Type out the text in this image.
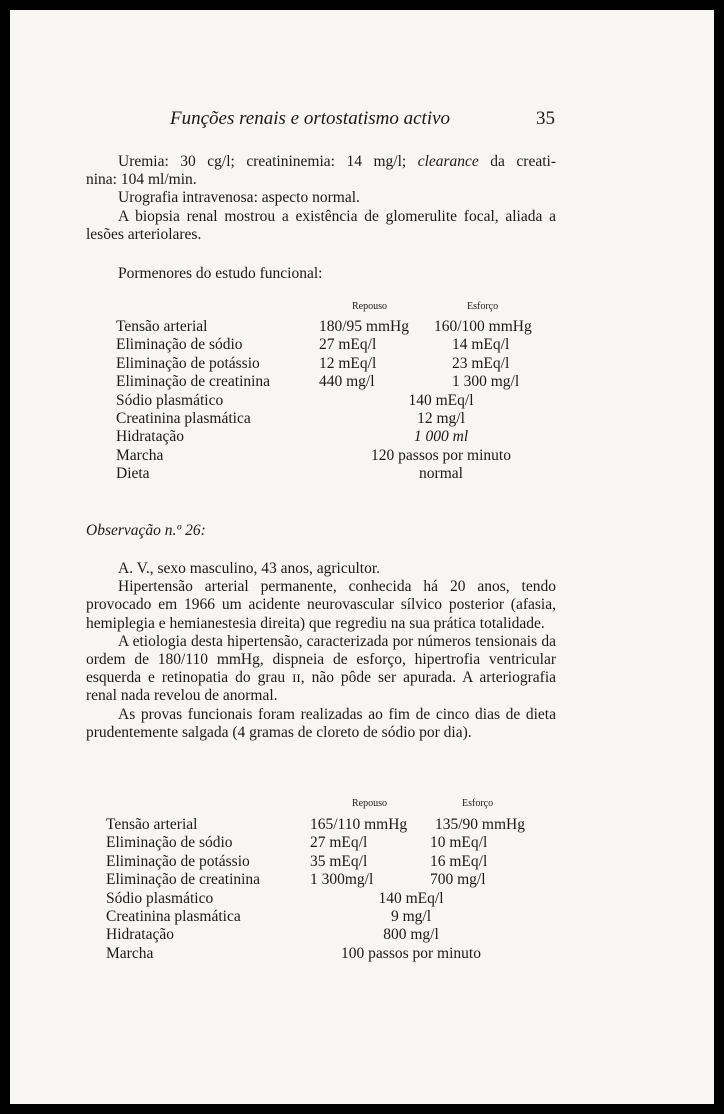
Funções renais e ortostatismo activo	35

Uremia: 30 cg/l; creatininemia: 14 mg/l; clearance da creati-

nina: 104 ml/min.

Urografia intravenosa: aspecto normal.

A biopsia renal mostrou a existência de glomerulite focal, aliada a lesões arteriolares.

Pormenores do estudo funcional:

Repouso	Esforço
Tensão arterial	180/95 mmHg 160/100 mmHg
Eliminação de sódio	27 mEq/l	14 mEq/l
Eliminação de potássio	12 mEq/l	23 mEq/l
Eliminação de creatinina	440 mg/l	1 300 mg/l
Sódio plasmático	140 mEq/l
Creatinina plasmática	12 mg/l
Hidratação	1 000 ml
Marcha	120 passos por minuto
Dieta	normal
Observação n.º 26:

A. V., sexo masculino, 43 anos, agricultor.

Hipertensão arterial permanente, conhecida há 20 anos, tendo provocado em 1966 um acidente neurovascular sílvico posterior (afasia, hemiplegia e hemianestesia direita) que regrediu na sua prática totalidade.

A etiologia desta hipertensão, caracterizada por números tensionais da ordem de 180/110 mmHg, dispneia de esforço, hipertrofia ventricular esquerda e retinopatia do grau ɪɪ, não pôde ser apurada. A arteriografia renal nada revelou de anormal.

As provas funcionais foram realizadas ao fim de cinco dias de dieta prudentemente salgada (4 gramas de cloreto de sódio por dia).

Repouso	Esforço
Tensão arterial	165/110 mmHg 135/90 mmHg
Eliminação de sódio	27 mEq/l	10 mEq/l
Eliminação de potássio	35 mEq/l	16 mEq/l
Eliminação de creatinina	1 300mg/l	700 mg/l
Sódio plasmático	140 mEq/l
Creatinina plasmática	9 mg/l
Hidratação	800 mg/l
Marcha	100 passos por minuto
